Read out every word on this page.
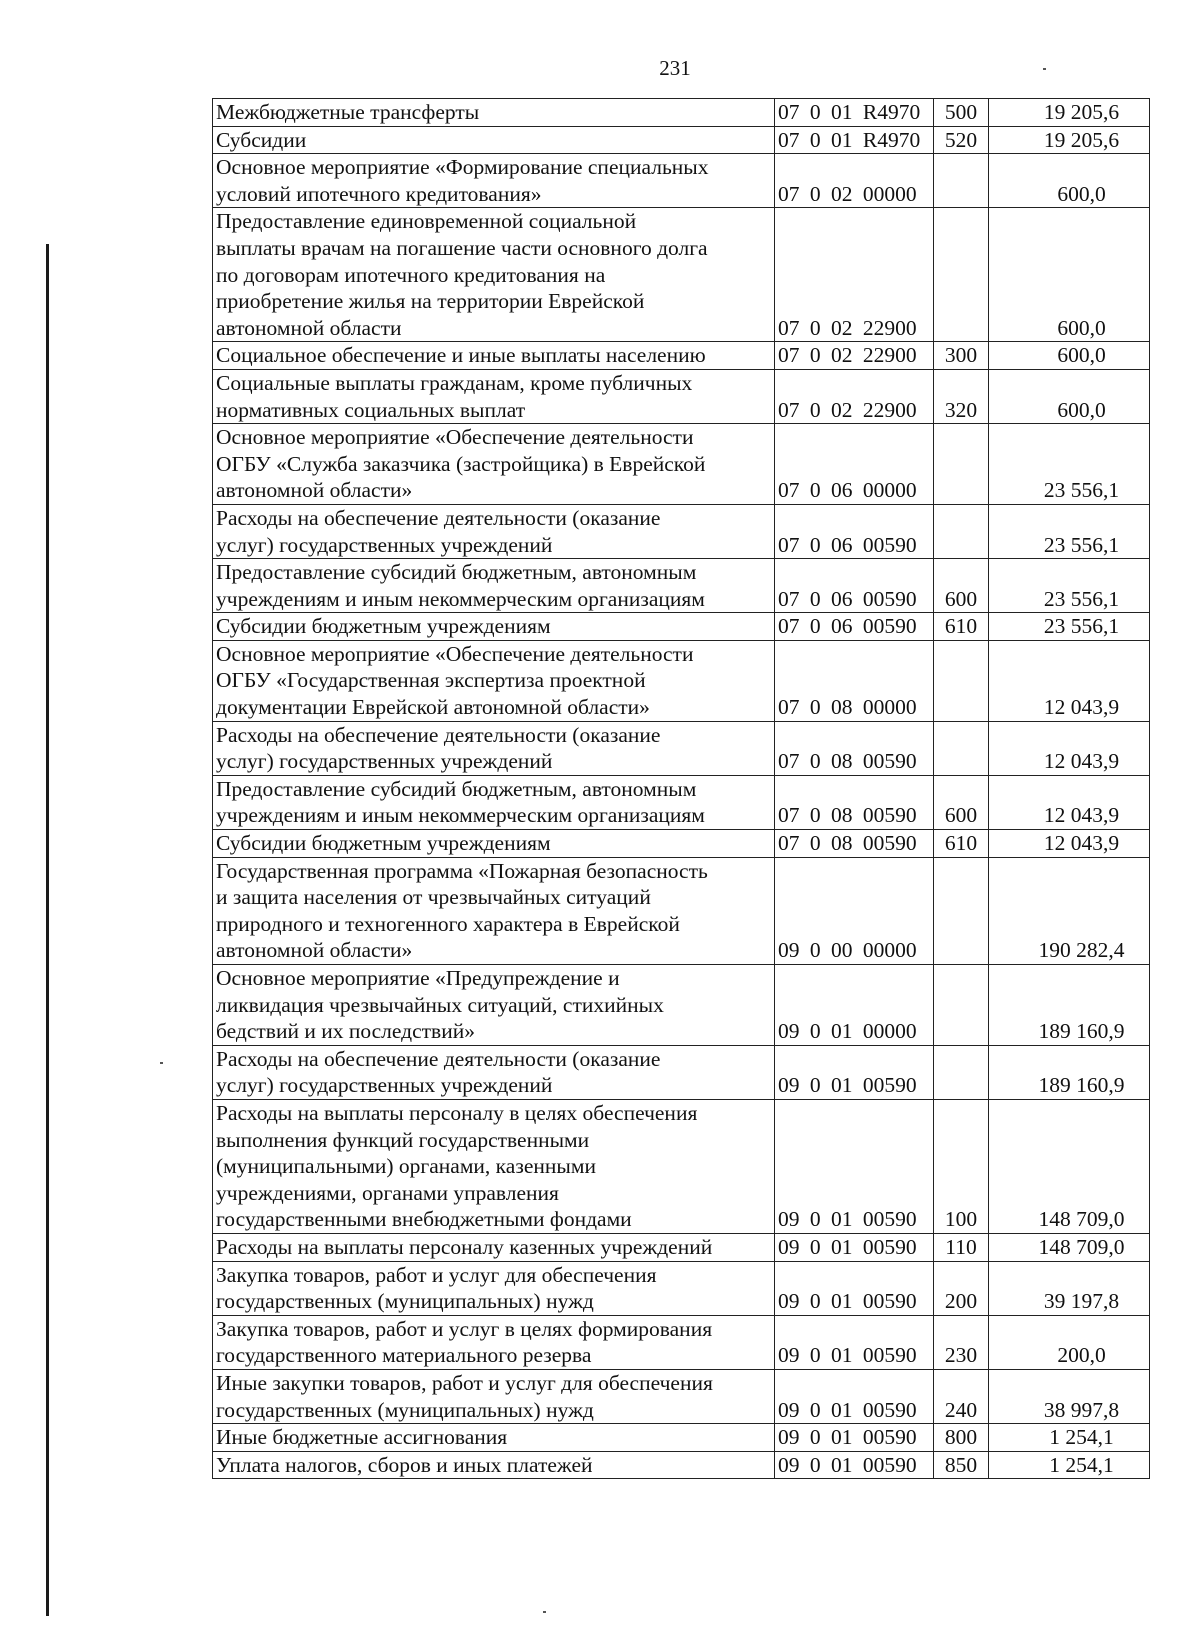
231
Межбюджетные трансферты	07 0 01 R4970	500	19 205,6

Субсидии	07 0 01 R4970	520	19 205,6

Основное мероприятие «Формирование специальных
условий ипотечного кредитования»	07 0 02 00000		600,0

Предоставление единовременной социальной
выплаты врачам на погашение части основного долга
по договорам ипотечного кредитования на
приобретение жилья на территории Еврейской
автономной области	07 0 02 22900		600,0

Социальное обеспечение и иные выплаты населению	07 0 02 22900	300	600,0

Социальные выплаты гражданам, кроме публичных
нормативных социальных выплат	07 0 02 22900	320	600,0

Основное мероприятие «Обеспечение деятельности
ОГБУ «Служба заказчика (застройщика) в Еврейской
автономной области»	07 0 06 00000		23 556,1

Расходы на обеспечение деятельности (оказание
услуг) государственных учреждений	07 0 06 00590		23 556,1

Предоставление субсидий бюджетным, автономным
учреждениям и иным некоммерческим организациям	07 0 06 00590	600	23 556,1

Субсидии бюджетным учреждениям	07 0 06 00590	610	23 556,1

Основное мероприятие «Обеспечение деятельности
ОГБУ «Государственная экспертиза проектной
документации Еврейской автономной области»	07 0 08 00000		12 043,9

Расходы на обеспечение деятельности (оказание
услуг) государственных учреждений	07 0 08 00590		12 043,9

Предоставление субсидий бюджетным, автономным
учреждениям и иным некоммерческим организациям	07 0 08 00590	600	12 043,9

Субсидии бюджетным учреждениям	07 0 08 00590	610	12 043,9

Государственная программа «Пожарная безопасность
и защита населения от чрезвычайных ситуаций
природного и техногенного характера в Еврейской
автономной области»	09 0 00 00000		190 282,4

Основное мероприятие «Предупреждение и
ликвидация чрезвычайных ситуаций, стихийных
бедствий и их последствий»	09 0 01 00000		189 160,9

Расходы на обеспечение деятельности (оказание
услуг) государственных учреждений	09 0 01 00590		189 160,9

Расходы на выплаты персоналу в целях обеспечения
выполнения функций государственными
(муниципальными) органами, казенными
учреждениями, органами управления
государственными внебюджетными фондами	09 0 01 00590	100	148 709,0

Расходы на выплаты персоналу казенных учреждений	09 0 01 00590	110	148 709,0

Закупка товаров, работ и услуг для обеспечения
государственных (муниципальных) нужд	09 0 01 00590	200	39 197,8

Закупка товаров, работ и услуг в целях формирования
государственного материального резерва	09 0 01 00590	230	200,0

Иные закупки товаров, работ и услуг для обеспечения
государственных (муниципальных) нужд	09 0 01 00590	240	38 997,8

Иные бюджетные ассигнования	09 0 01 00590	800	1 254,1

Уплата налогов, сборов и иных платежей	09 0 01 00590	850	1 254,1
